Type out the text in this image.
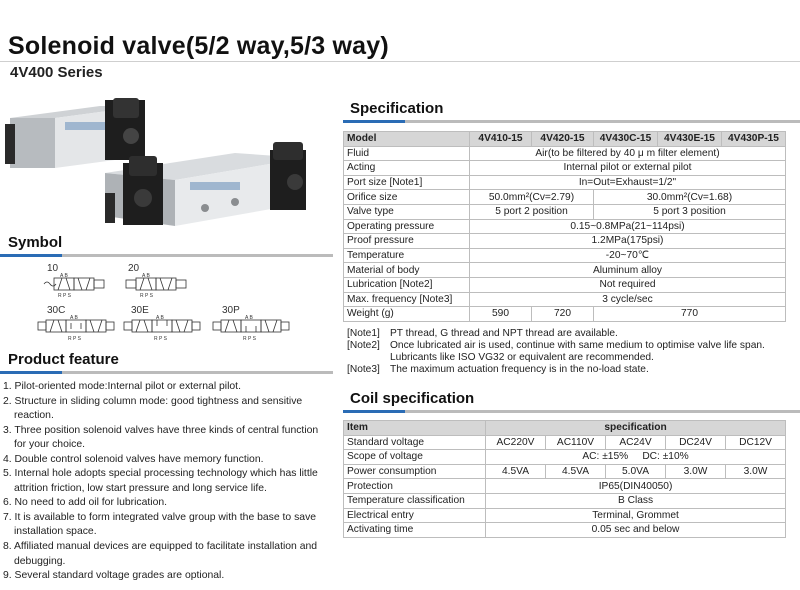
Solenoid valve(5/2 way,5/3 way)
4V400 Series
Specification
Symbol
Product feature
Coil specification
10	20
30C	30E	30P
A B
R P S
A B
R P S
A B
R P S
A B
R P S
A B
R P S
1. Pilot-oriented mode:Internal pilot or external pilot.
2. Structure in sliding column mode: good tightness and sensitive reaction.
3. Three position solenoid valves have three kinds of central function for your choice.
4. Double control solenoid valves have memory function.
5. Internal hole adopts special processing technology which has little attrition friction, low start pressure and long service life.
6. No need to add oil for lubrication.
7. It is available to form integrated valve group with the base to save installation space.
8. Affiliated manual devices are equipped to facilitate installation and debugging.
9. Several standard voltage grades are optional.
Model	4V410-15	4V420-15	4V430C-15	4V430E-15	4V430P-15
Fluid	Air(to be filtered by 40 μ m filter element)				
Acting	Internal pilot or external pilot				
Port size [Note1]	In=Out=Exhaust=1/2"				
Orifice size	50.0mm²(Cv=2.79)		30.0mm²(Cv=1.68)		
Valve type	5 port 2 position		5 port 3 position		
Operating pressure	0.15~0.8MPa(21~114psi)				
Proof pressure	1.2MPa(175psi)				
Temperature	-20~70℃				
Material of body	Aluminum alloy				
Lubrication [Note2]	Not required				
Max. frequency [Note3]	3 cycle/sec				
Weight (g)	590	720	770		
[Note1] PT thread, G thread and NPT thread are available.
[Note2] Once lubricated air is used, continue with same medium to optimise valve life span.
Lubricants like ISO VG32 or equivalent are recommended.
[Note3] The maximum actuation frequency is in the no-load state.
Item	specification				
Standard voltage	AC220V	AC110V	AC24V	DC24V	DC12V
Scope of voltage	AC: ±15%     DC: ±10%				
Power consumption	4.5VA	4.5VA	5.0VA	3.0W	3.0W
Protection	IP65(DIN40050)				
Temperature classification	B Class				
Electrical entry	Terminal, Grommet				
Activating time	0.05 sec and below				
